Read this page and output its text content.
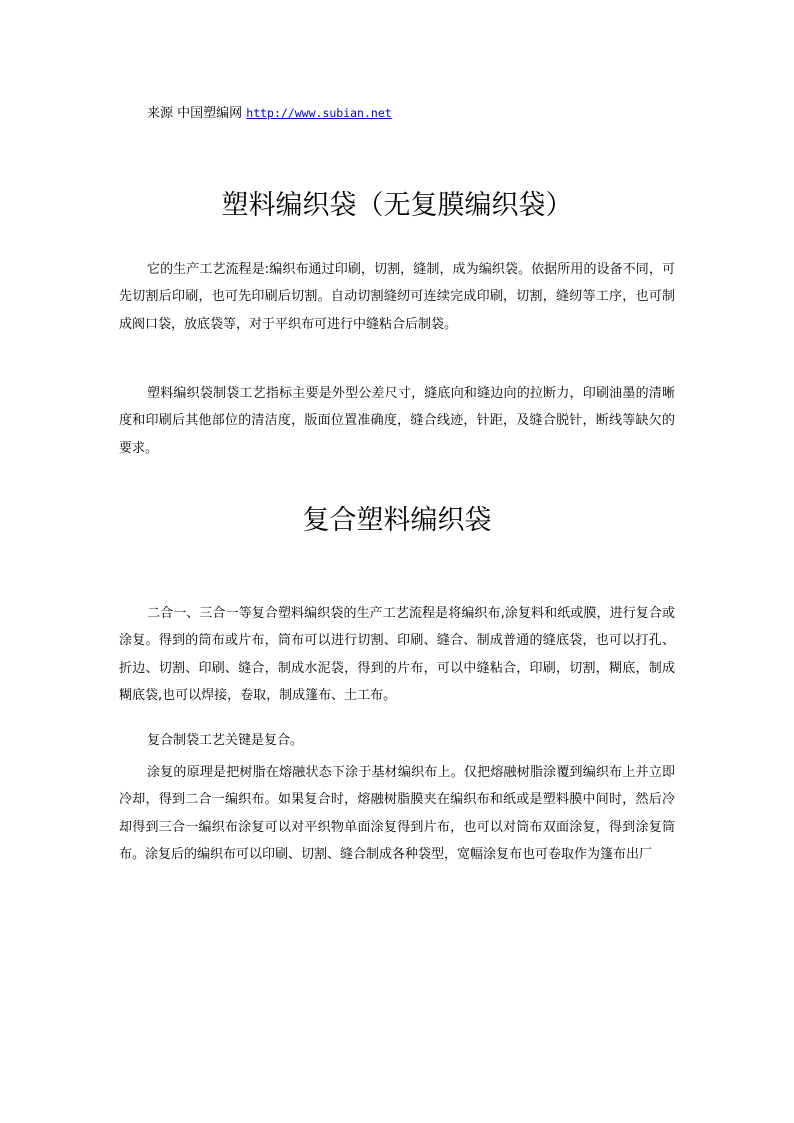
来源 中国塑编网 http://www.subian.net
塑料编织袋（无复膜编织袋）

它的生产工艺流程是:编织布通过印刷，切割，缝制，成为编织袋。依据所用的设备不同，可先切割后印刷，也可先印刷后切割。自动切割缝纫可连续完成印刷，切割，缝纫等工序，也可制成阀口袋，放底袋等，对于平织布可进行中缝粘合后制袋。

塑料编织袋制袋工艺指标主要是外型公差尺寸，缝底向和缝边向的拉断力，印刷油墨的清晰度和印刷后其他部位的清洁度，版面位置准确度，缝合线迹，针距，及缝合脱针，断线等缺欠的要求。

复合塑料编织袋

二合一、三合一等复合塑料编织袋的生产工艺流程是将编织布,涂复料和纸或膜，进行复合或涂复。得到的筒布或片布，筒布可以进行切割、印刷、缝合、制成普通的缝底袋，也可以打孔、折边、切割、印刷、缝合，制成水泥袋，得到的片布，可以中缝粘合，印刷，切割，糊底，制成糊底袋,也可以焊接，卷取，制成篷布、土工布。

复合制袋工艺关键是复合。

涂复的原理是把树脂在熔融状态下涂于基材编织布上。仅把熔融树脂涂覆到编织布上并立即冷却，得到二合一编织布。如果复合时，熔融树脂膜夹在编织布和纸或是塑料膜中间时，然后冷却得到三合一编织布涂复可以对平织物单面涂复得到片布，也可以对筒布双面涂复，得到涂复筒布。涂复后的编织布可以印刷、切割、缝合制成各种袋型，宽幅涂复布也可卷取作为篷布出厂
